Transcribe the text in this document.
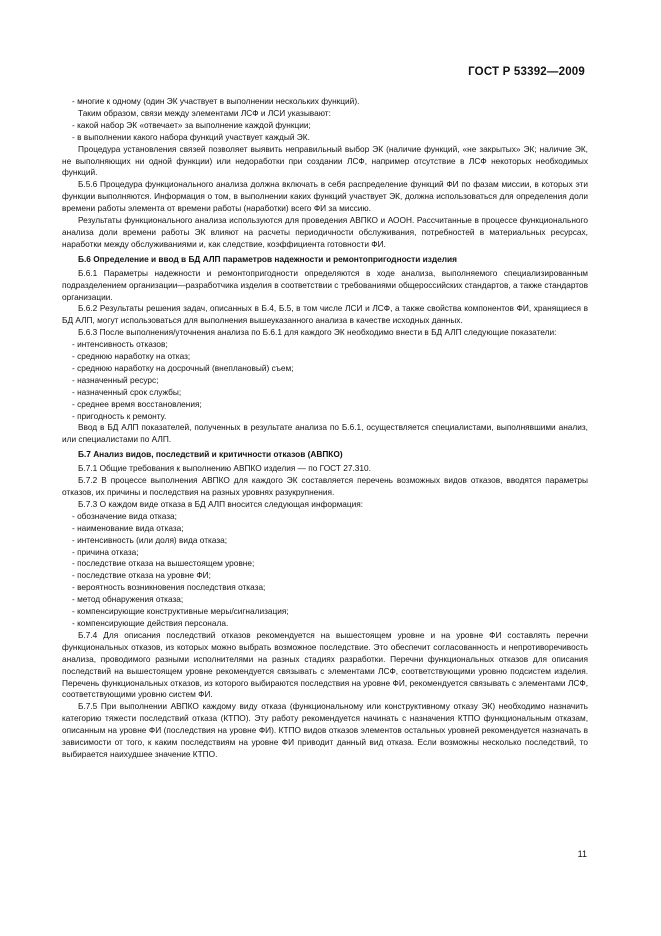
ГОСТ Р 53392—2009

- многие к одному (один ЭК участвует в выполнении нескольких функций).

Таким образом, связи между элементами ЛСФ и ЛСИ указывают:

- какой набор ЭК «отвечает» за выполнение каждой функции;

- в выполнении какого набора функций участвует каждый ЭК.

Процедура установления связей позволяет выявить неправильный выбор ЭК (наличие функций, «не закрытых» ЭК; наличие ЭК, не выполняющих ни одной функции) или недоработки при создании ЛСФ, например отсутствие в ЛСФ некоторых необходимых функций.

Б.5.6 Процедура функционального анализа должна включать в себя распределение функций ФИ по фазам миссии, в которых эти функции выполняются. Информация о том, в выполнении каких функций участвует ЭК, должна использоваться для определения доли времени работы элемента от времени работы (наработки) всего ФИ за миссию.

Результаты функционального анализа используются для проведения АВПКО и АООН. Рассчитанные в процессе функционального анализа доли времени работы ЭК влияют на расчеты периодичности обслуживания, потребностей в материальных ресурсах, наработки между обслуживаниями и, как следствие, коэффициента готовности ФИ.

Б.6 Определение и ввод в БД АЛП параметров надежности и ремонтопригодности изделия

Б.6.1 Параметры надежности и ремонтопригодности определяются в ходе анализа, выполняемого специализированным подразделением организации—разработчика изделия в соответствии с требованиями общероссийских стандартов, а также стандартов организации.

Б.6.2 Результаты решения задач, описанных в Б.4, Б.5, в том числе ЛСИ и ЛСФ, а также свойства компонентов ФИ, хранящиеся в БД АЛП, могут использоваться для выполнения вышеуказанного анализа в качестве исходных данных.

Б.6.3 После выполнения/уточнения анализа по Б.6.1 для каждого ЭК необходимо внести в БД АЛП следующие показатели:

- интенсивность отказов;

- среднюю наработку на отказ;

- среднюю наработку на досрочный (внеплановый) съем;

- назначенный ресурс;

- назначенный срок службы;

- среднее время восстановления;

- пригодность к ремонту.

Ввод в БД АЛП показателей, полученных в результате анализа по Б.6.1, осуществляется специалистами, выполнявшими анализ, или специалистами по АЛП.

Б.7 Анализ видов, последствий и критичности отказов (АВПКО)

Б.7.1 Общие требования к выполнению АВПКО изделия — по ГОСТ 27.310.

Б.7.2 В процессе выполнения АВПКО для каждого ЭК составляется перечень возможных видов отказов, вводятся параметры отказов, их причины и последствия на разных уровнях разукрупнения.

Б.7.3 О каждом виде отказа в БД АЛП вносится следующая информация:

- обозначение вида отказа;

- наименование вида отказа;

- интенсивность (или доля) вида отказа;

- причина отказа;

- последствие отказа на вышестоящем уровне;

- последствие отказа на уровне ФИ;

- вероятность возникновения последствия отказа;

- метод обнаружения отказа;

- компенсирующие конструктивные меры/сигнализация;

- компенсирующие действия персонала.

Б.7.4 Для описания последствий отказов рекомендуется на вышестоящем уровне и на уровне ФИ составлять перечни функциональных отказов, из которых можно выбрать возможное последствие. Это обеспечит согласованность и непротиворечивость анализа, проводимого разными исполнителями на разных стадиях разработки. Перечни функциональных отказов для описания последствий на вышестоящем уровне рекомендуется связывать с элементами ЛСФ, соответствующими уровню подсистем изделия. Перечень функциональных отказов, из которого выбираются последствия на уровне ФИ, рекомендуется связывать с элементами ЛСФ, соответствующими уровню систем ФИ.

Б.7.5 При выполнении АВПКО каждому виду отказа (функциональному или конструктивному отказу ЭК) необходимо назначить категорию тяжести последствий отказа (КТПО). Эту работу рекомендуется начинать с назначения КТПО функциональным отказам, описанным на уровне ФИ (последствия на уровне ФИ). КТПО видов отказов элементов остальных уровней рекомендуется назначать в зависимости от того, к каким последствиям на уровне ФИ приводит данный вид отказа. Если возможны несколько последствий, то выбирается наихудшее значение КТПО.

11
